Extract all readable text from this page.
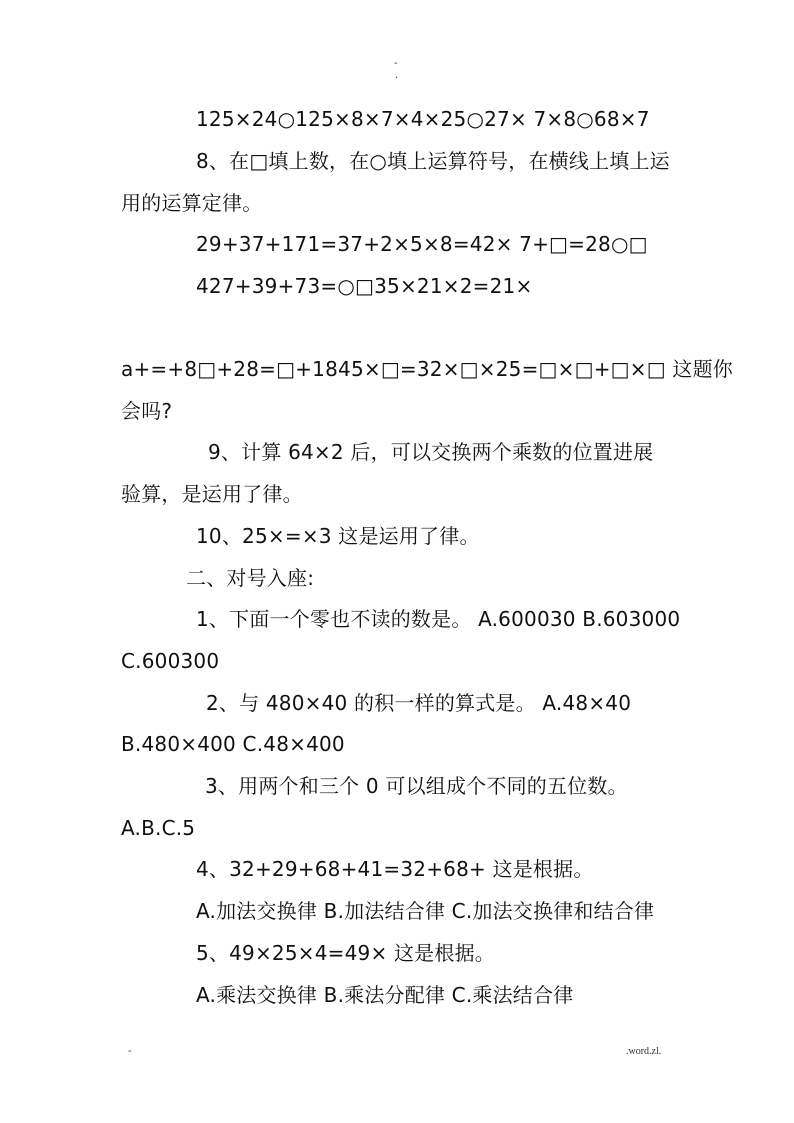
-
.
125×24○125×8×7×4×25○27× 7×8○68×7
8、在□填上数，在○填上运算符号，在横线上填上运
用的运算定律。
29+37+171=37+2×5×8=42× 7+□=28○□
427+39+73=○□35×21×2=21×
a+=+8□+28=□+1845×□=32×□×25=□×□+□×□ 这题你
会吗?
9、计算 64×2 后，可以交换两个乘数的位置进展
验算，是运用了律。
10、25×=×3 这是运用了律。
二、对号入座:
1、下面一个零也不读的数是。 A.600030 B.603000
C.600300
2、与 480×40 的积一样的算式是。 A.48×40
B.480×400 C.48×400
3、用两个和三个 0 可以组成个不同的五位数。
A.B.C.5
4、32+29+68+41=32+68+ 这是根据。
A.加法交换律 B.加法结合律 C.加法交换律和结合律
5、49×25×4=49× 这是根据。
A.乘法交换律 B.乘法分配律 C.乘法结合律
-	.word.zl.
